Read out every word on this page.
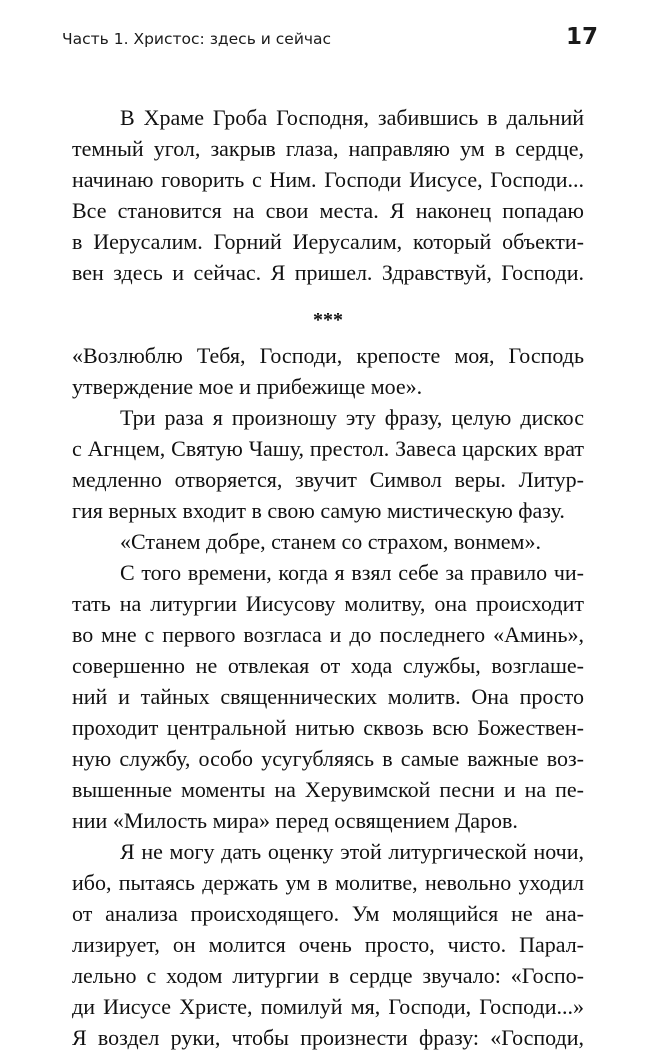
Часть 1. Христос: здесь и сейчас	17
В Храме Гроба Господня, забившись в дальний
темный угол, закрыв глаза, направляю ум в сердце,
начинаю говорить с Ним. Господи Иисусе, Господи...
Все становится на свои места. Я наконец попадаю
в Иерусалим. Горний Иерусалим, который объекти-
вен здесь и сейчас. Я пришел. Здравствуй, Господи.
***
«Возлюблю Тебя, Господи, крепосте моя, Господь
утверждение мое и прибежище мое».
Три раза я произношу эту фразу, целую дискос
с Агнцем, Святую Чашу, престол. Завеса царских врат
медленно отворяется, звучит Символ веры. Литур-
гия верных входит в свою самую мистическую фазу.
«Станем добре, станем со страхом, вонмем».
С того времени, когда я взял себе за правило чи-
тать на литургии Иисусову молитву, она происходит
во мне с первого возгласа и до последнего «Аминь»,
совершенно не отвлекая от хода службы, возглаше-
ний и тайных священнических молитв. Она просто
проходит центральной нитью сквозь всю Божествен-
ную службу, особо усугубляясь в самые важные воз-
вышенные моменты на Херувимской песни и на пе-
нии «Милость мира» перед освящением Даров.
Я не могу дать оценку этой литургической ночи,
ибо, пытаясь держать ум в молитве, невольно уходил
от анализа происходящего. Ум молящийся не ана-
лизирует, он молится очень просто, чисто. Парал-
лельно с ходом литургии в сердце звучало: «Госпо-
ди Иисусе Христе, помилуй мя, Господи, Господи...»
Я воздел руки, чтобы произнести фразу: «Господи,
